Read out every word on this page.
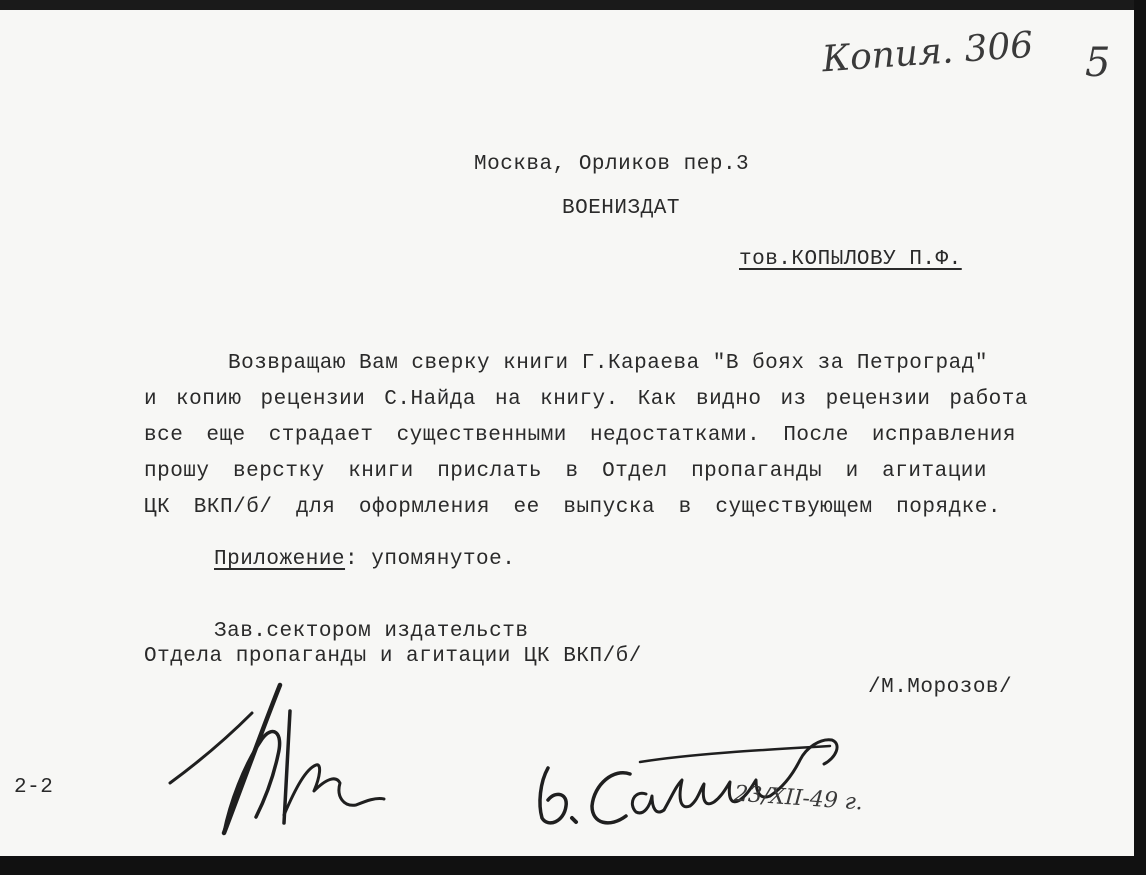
Копия. 306 5
Москва, Орликов пер.3
ВОЕНИЗДАТ
тов.КОПЫЛОВУ П.Ф.
Возвращаю Вам сверку книги Г.Караева "В боях за Петроград"
и копию рецензии С.Найда на книгу. Как видно из рецензии работа
все еще страдает существенными недостатками. После исправления
прошу верстку книги прислать в Отдел пропаганды и агитации
ЦК ВКП/б/ для оформления ее выпуска в существующем порядке.
Приложение: упомянутое.
Зав.сектором издательств
Отдела пропаганды и агитации ЦК ВКП/б/
/М.Морозов/
2-2	23/XII-49 г.
